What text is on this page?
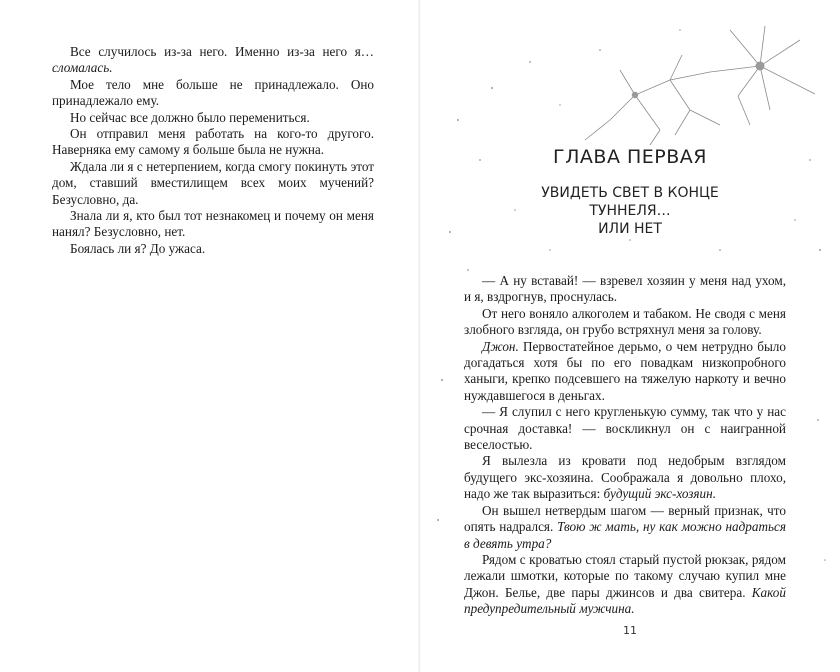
Все случилось из-за него. Именно из-за него я… сломалась.

Мое тело мне больше не принадлежало. Оно принадлежало ему.

Но сейчас все должно было перемениться.

Он отправил меня работать на кого-то другого. Наверняка ему самому я больше была не нужна.

Ждала ли я с нетерпением, когда смогу покинуть этот дом, ставший вместилищем всех моих мучений? Безусловно, да.

Знала ли я, кто был тот незнакомец и почему он меня нанял? Безусловно, нет.

Боялась ли я? До ужаса.

ГЛАВА ПЕРВАЯ
УВИДЕТЬ СВЕТ В КОНЦЕ ТУННЕЛЯ…
ИЛИ НЕТ

— А ну вставай! — взревел хозяин у меня над ухом, и я, вздрогнув, проснулась.

От него воняло алкоголем и табаком. Не сводя с меня злобного взгляда, он грубо встряхнул меня за голову.

Джон. Первостатейное дерьмо, о чем нетрудно было догадаться хотя бы по его повадкам низкопробного ханыги, крепко подсевшего на тяжелую наркоту и вечно нуждавшегося в деньгах.

— Я слупил с него кругленькую сумму, так что у нас срочная доставка! — воскликнул он с наигранной веселостью.

Я вылезла из кровати под недобрым взглядом будущего экс-хозяина. Соображала я довольно плохо, надо же так выразиться: будущий экс-хозяин.

Он вышел нетвердым шагом — верный признак, что опять надрался. Твою ж мать, ну как можно надраться в девять утра?

Рядом с кроватью стоял старый пустой рюкзак, рядом лежали шмотки, которые по такому случаю купил мне Джон. Белье, две пары джинсов и два свитера. Какой предупредительный мужчина.

11
